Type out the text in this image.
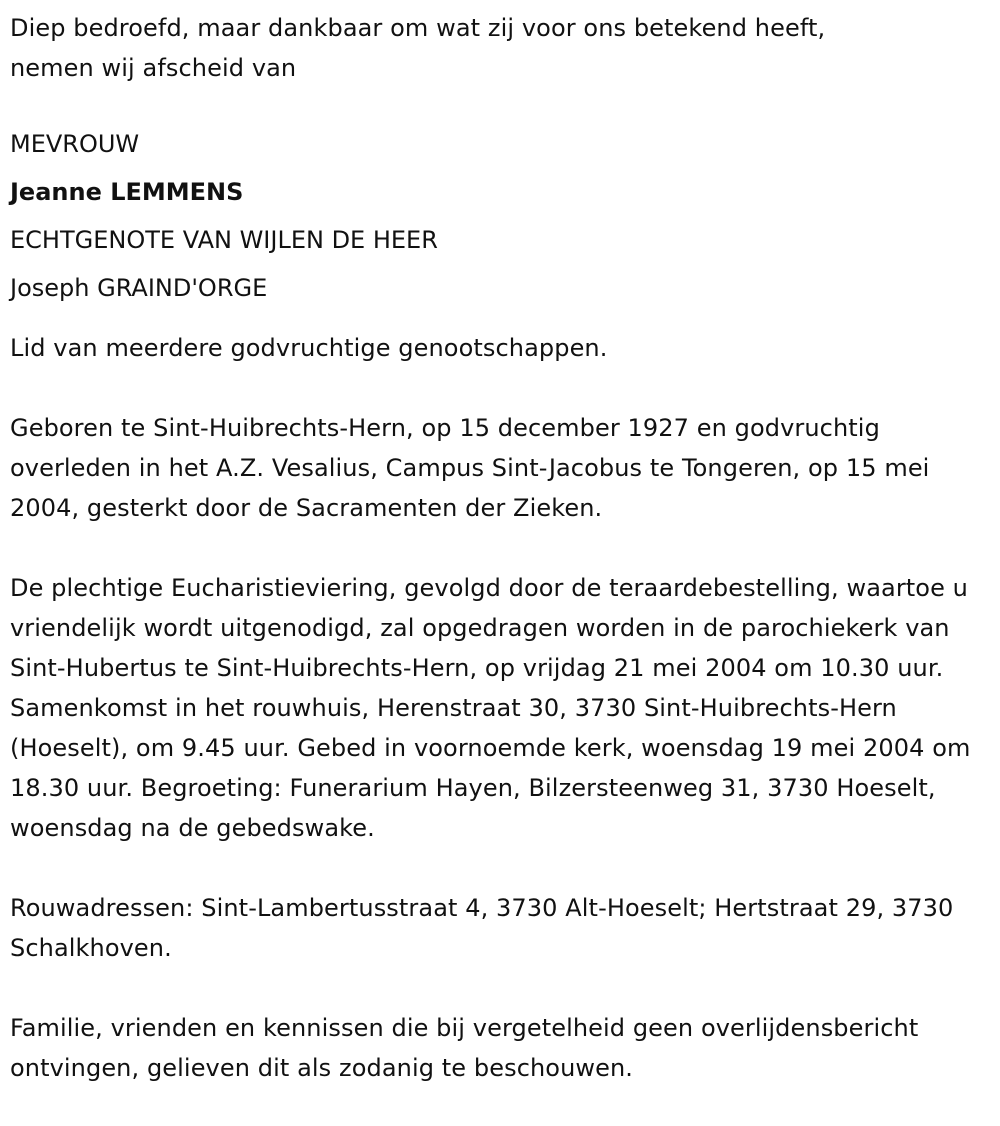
Diep bedroefd, maar dankbaar om wat zij voor ons betekend heeft, nemen wij afscheid van

MEVROUW
Jeanne LEMMENS
ECHTGENOTE VAN WIJLEN DE HEER
Joseph GRAIND'ORGE

Lid van meerdere godvruchtige genootschappen.

Geboren te Sint-Huibrechts-Hern, op 15 december 1927 en godvruchtig overleden in het A.Z. Vesalius, Campus Sint-Jacobus te Tongeren, op 15 mei 2004, gesterkt door de Sacramenten der Zieken.

De plechtige Eucharistieviering, gevolgd door de teraardebestelling, waartoe u vriendelijk wordt uitgenodigd, zal opgedragen worden in de parochiekerk van Sint-Hubertus te Sint-Huibrechts-Hern, op vrijdag 21 mei 2004 om 10.30 uur. Samenkomst in het rouwhuis, Herenstraat 30, 3730 Sint-Huibrechts-Hern (Hoeselt), om 9.45 uur. Gebed in voornoemde kerk, woensdag 19 mei 2004 om 18.30 uur. Begroeting: Funerarium Hayen, Bilzersteenweg 31, 3730 Hoeselt, woensdag na de gebedswake.

Rouwadressen: Sint-Lambertusstraat 4, 3730 Alt-Hoeselt; Hertstraat 29, 3730 Schalkhoven.

Familie, vrienden en kennissen die bij vergetelheid geen overlijdensbericht ontvingen, gelieven dit als zodanig te beschouwen.
